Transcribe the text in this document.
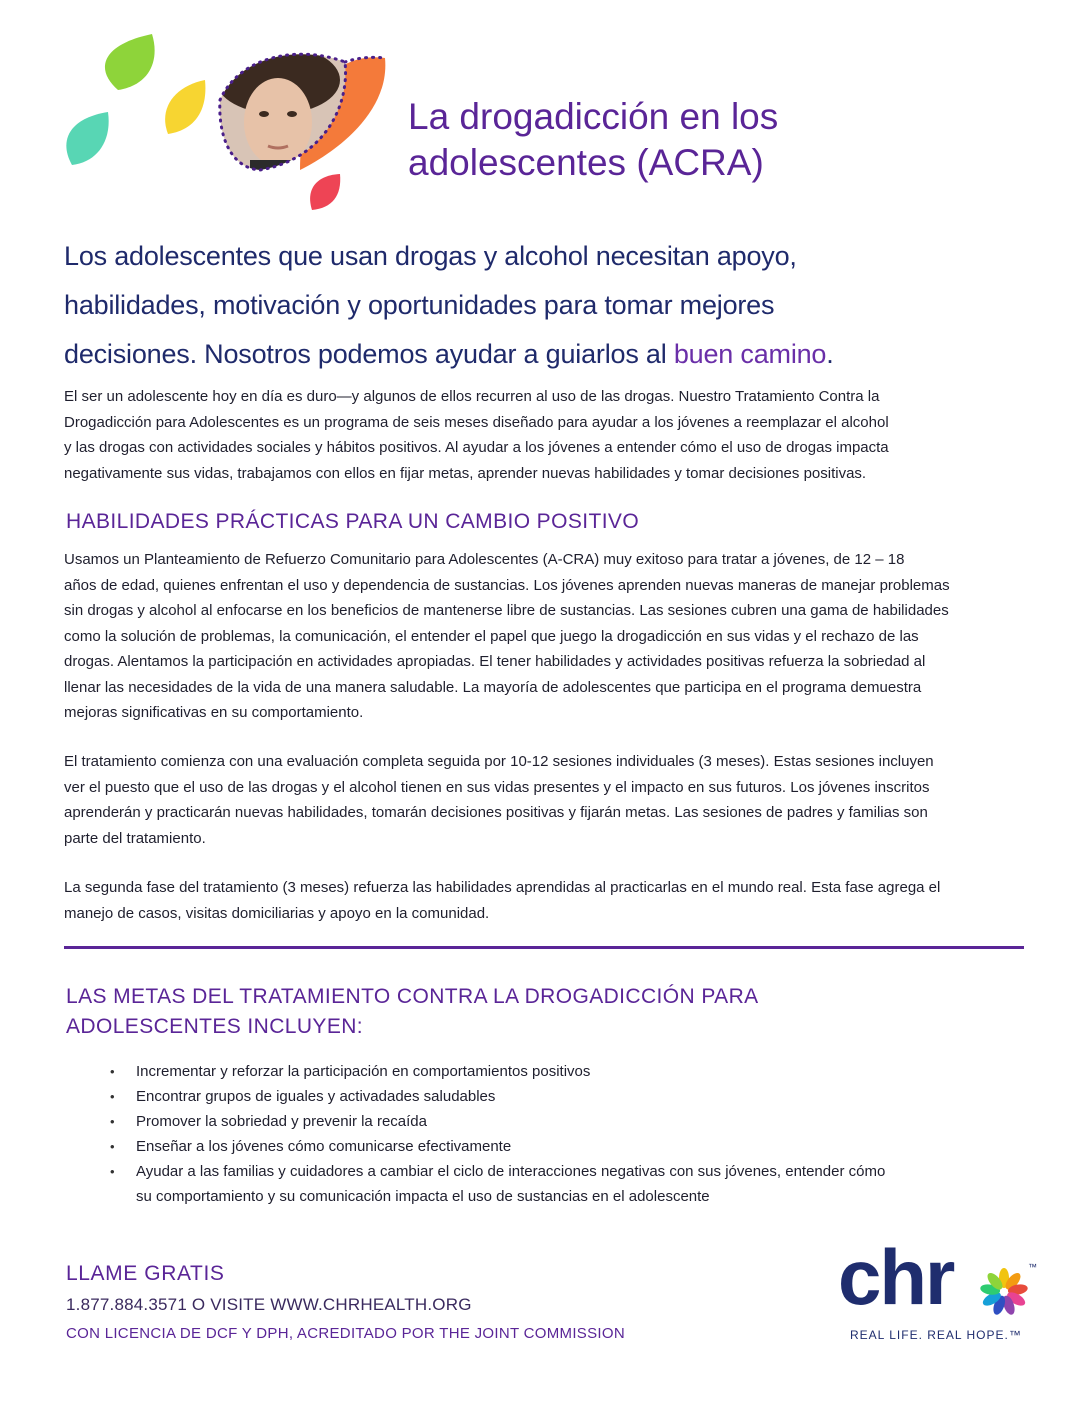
La drogadicción en los
adolescentes (ACRA)
Los adolescentes que usan drogas y alcohol necesitan apoyo,
habilidades, motivación y oportunidades para tomar mejores
decisiones. Nosotros podemos ayudar a guiarlos al buen camino.
El ser un adolescente hoy en día es duro—y algunos de ellos recurren al uso de las drogas. Nuestro Tratamiento Contra la
Drogadicción para Adolescentes es un programa de seis meses diseñado para ayudar a los jóvenes a reemplazar el alcohol
y las drogas con actividades sociales y hábitos positivos. Al ayudar a los jóvenes a entender cómo el uso de drogas impacta
negativamente sus vidas, trabajamos con ellos en fijar metas, aprender nuevas habilidades y tomar decisiones positivas.
HABILIDADES PRÁCTICAS PARA UN CAMBIO POSITIVO
Usamos un Planteamiento de Refuerzo Comunitario para Adolescentes (A-CRA) muy exitoso para tratar a jóvenes, de 12 – 18
años de edad, quienes enfrentan el uso y dependencia de sustancias. Los jóvenes aprenden nuevas maneras de manejar problemas
sin drogas y alcohol al enfocarse en los beneficios de mantenerse libre de sustancias. Las sesiones cubren una gama de habilidades
como la solución de problemas, la comunicación, el entender el papel que juego la drogadicción en sus vidas y el rechazo de las
drogas. Alentamos la participación en actividades apropiadas. El tener habilidades y actividades positivas refuerza la sobriedad al
llenar las necesidades de la vida de una manera saludable. La mayoría de adolescentes que participa en el programa demuestra
mejoras significativas en su comportamiento.
El tratamiento comienza con una evaluación completa seguida por 10-12 sesiones individuales (3 meses). Estas sesiones incluyen
ver el puesto que el uso de las drogas y el alcohol tienen en sus vidas presentes y el impacto en sus futuros. Los jóvenes inscritos
aprenderán y practicarán nuevas habilidades, tomarán decisiones positivas y fijarán metas. Las sesiones de padres y familias son
parte del tratamiento.
La segunda fase del tratamiento (3 meses) refuerza las habilidades aprendidas al practicarlas en el mundo real. Esta fase agrega el
manejo de casos, visitas domiciliarias y apoyo en la comunidad.
LAS METAS DEL TRATAMIENTO CONTRA LA DROGADICCIÓN PARA
ADOLESCENTES INCLUYEN:
• Incrementar y reforzar la participación en comportamientos positivos
• Encontrar grupos de iguales y activadades saludables
• Promover la sobriedad y prevenir la recaída
• Enseñar a los jóvenes cómo comunicarse efectivamente
• Ayudar a las familias y cuidadores a cambiar el ciclo de interacciones negativas con sus jóvenes, entender cómo
su comportamiento y su comunicación impacta el uso de sustancias en el adolescente
LLAME GRATIS
1.877.884.3571 O VISITE WWW.CHRHEALTH.ORG
CON LICENCIA DE DCF Y DPH, ACREDITADO POR THE JOINT COMMISSION
chr	™
REAL LIFE. REAL HOPE.™
